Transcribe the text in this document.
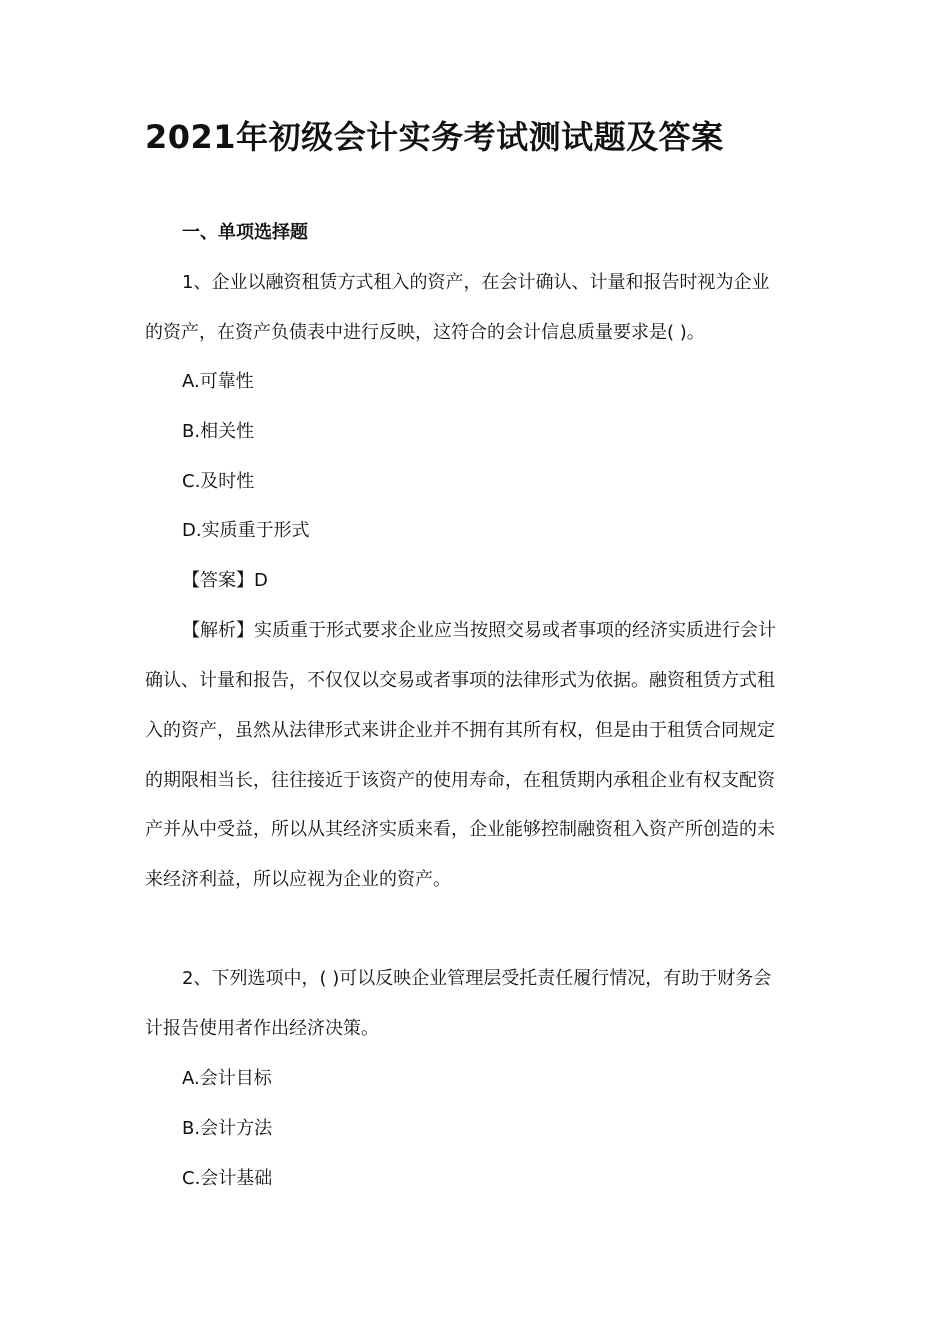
2021年初级会计实务考试测试题及答案

一、单项选择题

1、企业以融资租赁方式租入的资产，在会计确认、计量和报告时视为企业

的资产，在资产负债表中进行反映，这符合的会计信息质量要求是( )。

A.可靠性

B.相关性

C.及时性

D.实质重于形式

【答案】D

【解析】实质重于形式要求企业应当按照交易或者事项的经济实质进行会计

确认、计量和报告，不仅仅以交易或者事项的法律形式为依据。融资租赁方式租

入的资产，虽然从法律形式来讲企业并不拥有其所有权，但是由于租赁合同规定

的期限相当长，往往接近于该资产的使用寿命，在租赁期内承租企业有权支配资

产并从中受益，所以从其经济实质来看，企业能够控制融资租入资产所创造的未

来经济利益，所以应视为企业的资产。

2、下列选项中，( )可以反映企业管理层受托责任履行情况，有助于财务会

计报告使用者作出经济决策。

A.会计目标

B.会计方法

C.会计基础
